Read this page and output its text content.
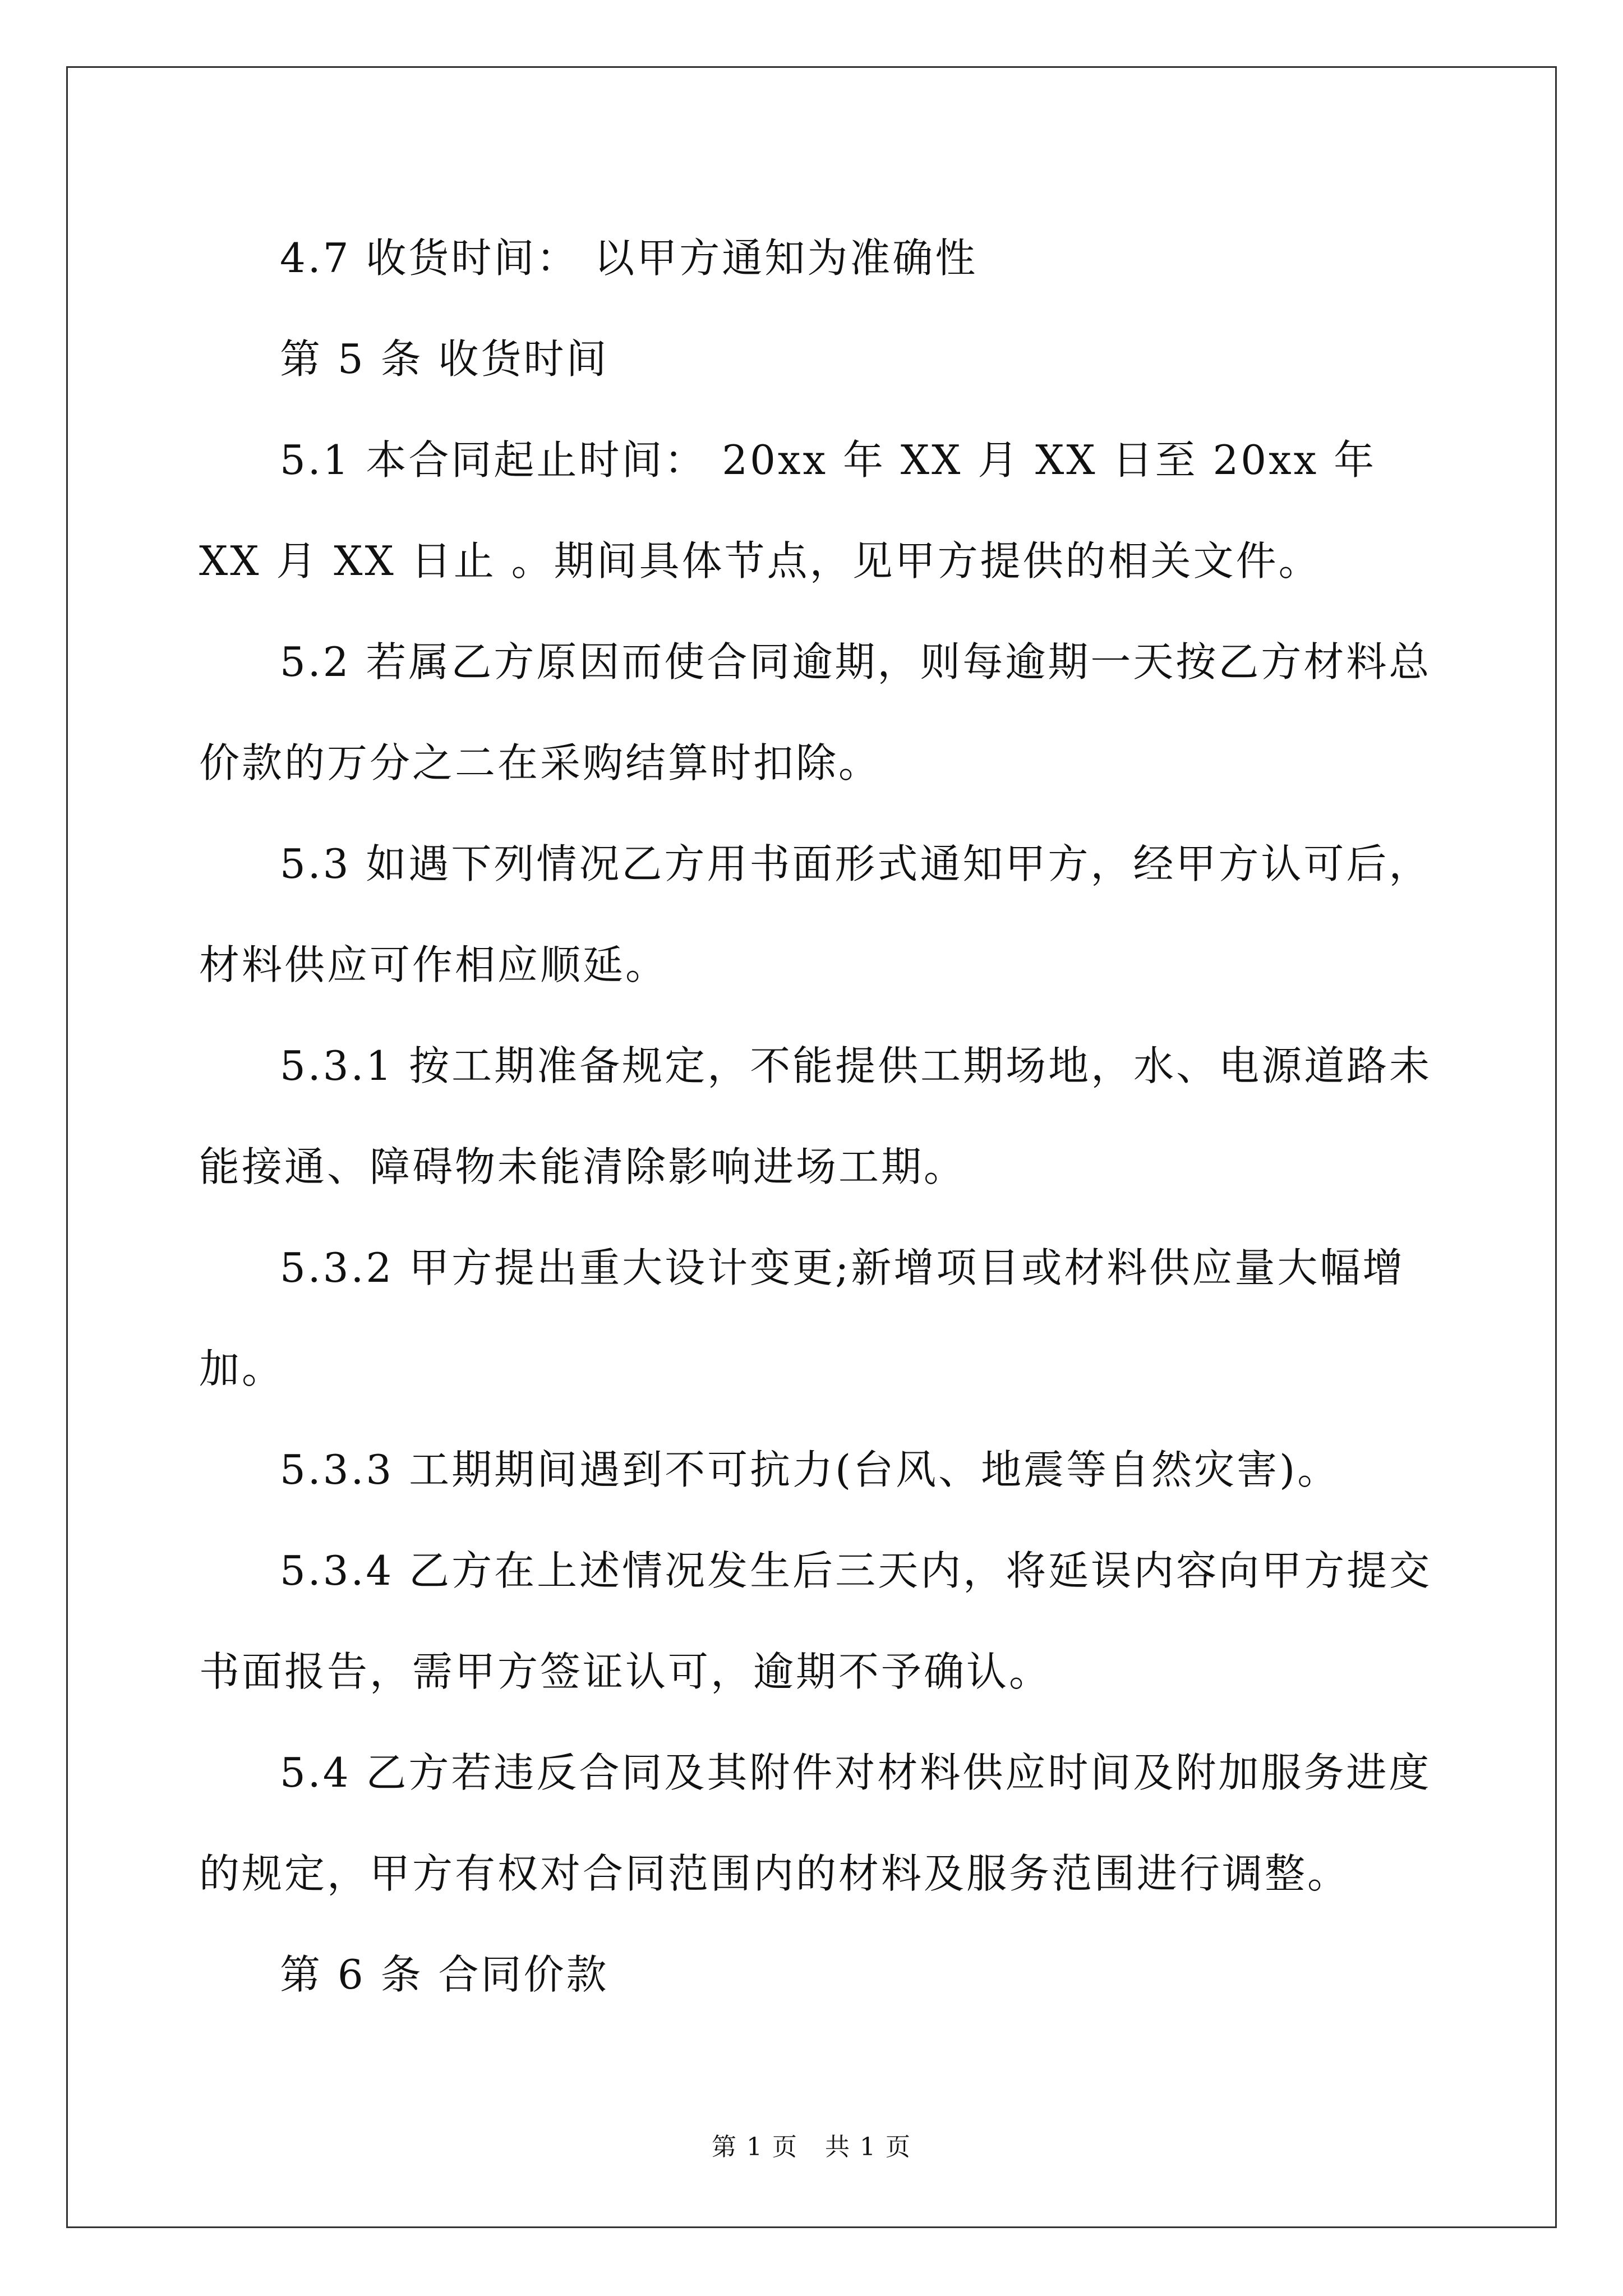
4.7 收货时间： 以甲方通知为准确性

第 5 条 收货时间

5.1 本合同起止时间： 20xx 年 XX 月 XX 日至 20xx 年 XX 月 XX 日止 。期间具体节点，见甲方提供的相关文件。

5.2 若属乙方原因而使合同逾期，则每逾期一天按乙方材料总价款的万分之二在采购结算时扣除。

5.3 如遇下列情况乙方用书面形式通知甲方，经甲方认可后，材料供应可作相应顺延。

5.3.1 按工期准备规定，不能提供工期场地，水、电源道路未能接通、障碍物未能清除影响进场工期。

5.3.2 甲方提出重大设计变更;新增项目或材料供应量大幅增加。

5.3.3 工期期间遇到不可抗力(台风、地震等自然灾害)。

5.3.4 乙方在上述情况发生后三天内，将延误内容向甲方提交书面报告，需甲方签证认可，逾期不予确认。

5.4 乙方若违反合同及其附件对材料供应时间及附加服务进度的规定，甲方有权对合同范围内的材料及服务范围进行调整。

第 6 条 合同价款

第 1 页 共 1 页
